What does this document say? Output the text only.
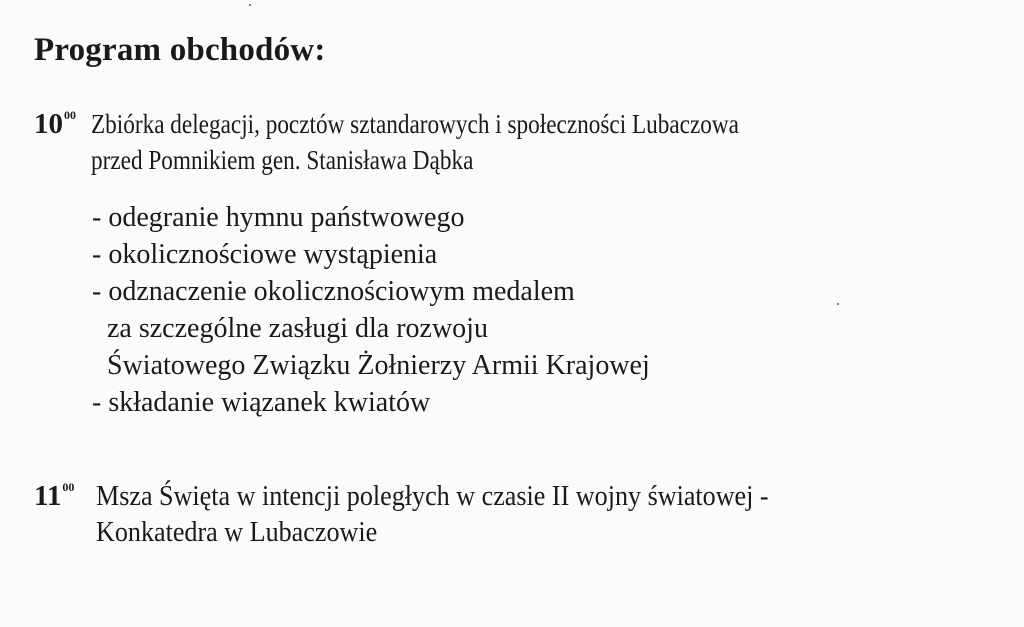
Program obchodów:
$10^{00}$ Zbiórka delegacji, pocztów sztandarowych i społeczności Lubaczowa
przed Pomnikiem gen. Stanisława Dąbka
- odegranie hymnu państwowego
- okolicznościowe wystąpienia
- odznaczenie okolicznościowym medalem
za szczególne zasługi dla rozwoju
Światowego Związku Żołnierzy Armii Krajowej
- składanie wiązanek kwiatów
$11^{00}$ Msza Święta w intencji poległych w czasie II wojny światowej -
Konkatedra w Lubaczowie
